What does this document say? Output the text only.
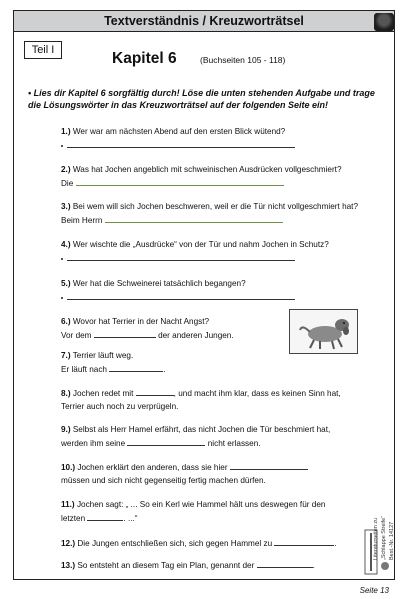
Textverständnis / Kreuzworträtsel
Teil I	Kapitel 6	(Buchseiten 105 - 118)
• Lies dir Kapitel 6 sorgfältig durch! Löse die unten stehenden Aufgabe und trage die Lösungswörter in das Kreuzworträtsel auf der folgenden Seite ein!
1.) Wer war am nächsten Abend auf den ersten Blick wütend?

2.) Was hat Jochen angeblich mit schweinischen Ausdrücken vollgeschmiert?
Die
3.) Bei wem will sich Jochen beschweren, weil er die Tür nicht vollgeschmiert hat?
Beim Herrn
4.) Wer wischte die „Ausdrücke“ von der Tür und nahm Jochen in Schutz?

5.) Wer hat die Schweinerei tatsächlich begangen?

6.) Wovor hat Terrier in der Nacht Angst?
Vor dem	der anderen Jungen.
7.) Terrier läuft weg.
Er läuft nach	.
8.) Jochen redet mit	, und macht ihm klar, dass es keinen Sinn hat,
Terrier auch noch zu verprügeln.
9.) Selbst als Herr Hamel erfährt, das nicht Jochen die Tür beschmiert hat,
werden ihm seine	nicht erlassen.
10.) Jochen erklärt den anderen, dass sie hier
müssen und sich nicht gegenseitig fertig machen dürfen.
11.) Jochen sagt: „ ... So ein Kerl wie Hammel hält uns deswegen für den
letzten	. ...“
12.) Die Jungen entschließen sich, sich gegen Hammel zu	.
13.) So entsteht an diesem Tag ein Plan, genannt der	.
Literaturseiten zu „Schlappe Streife“ Best.-Nr. 14127
Seite 13
